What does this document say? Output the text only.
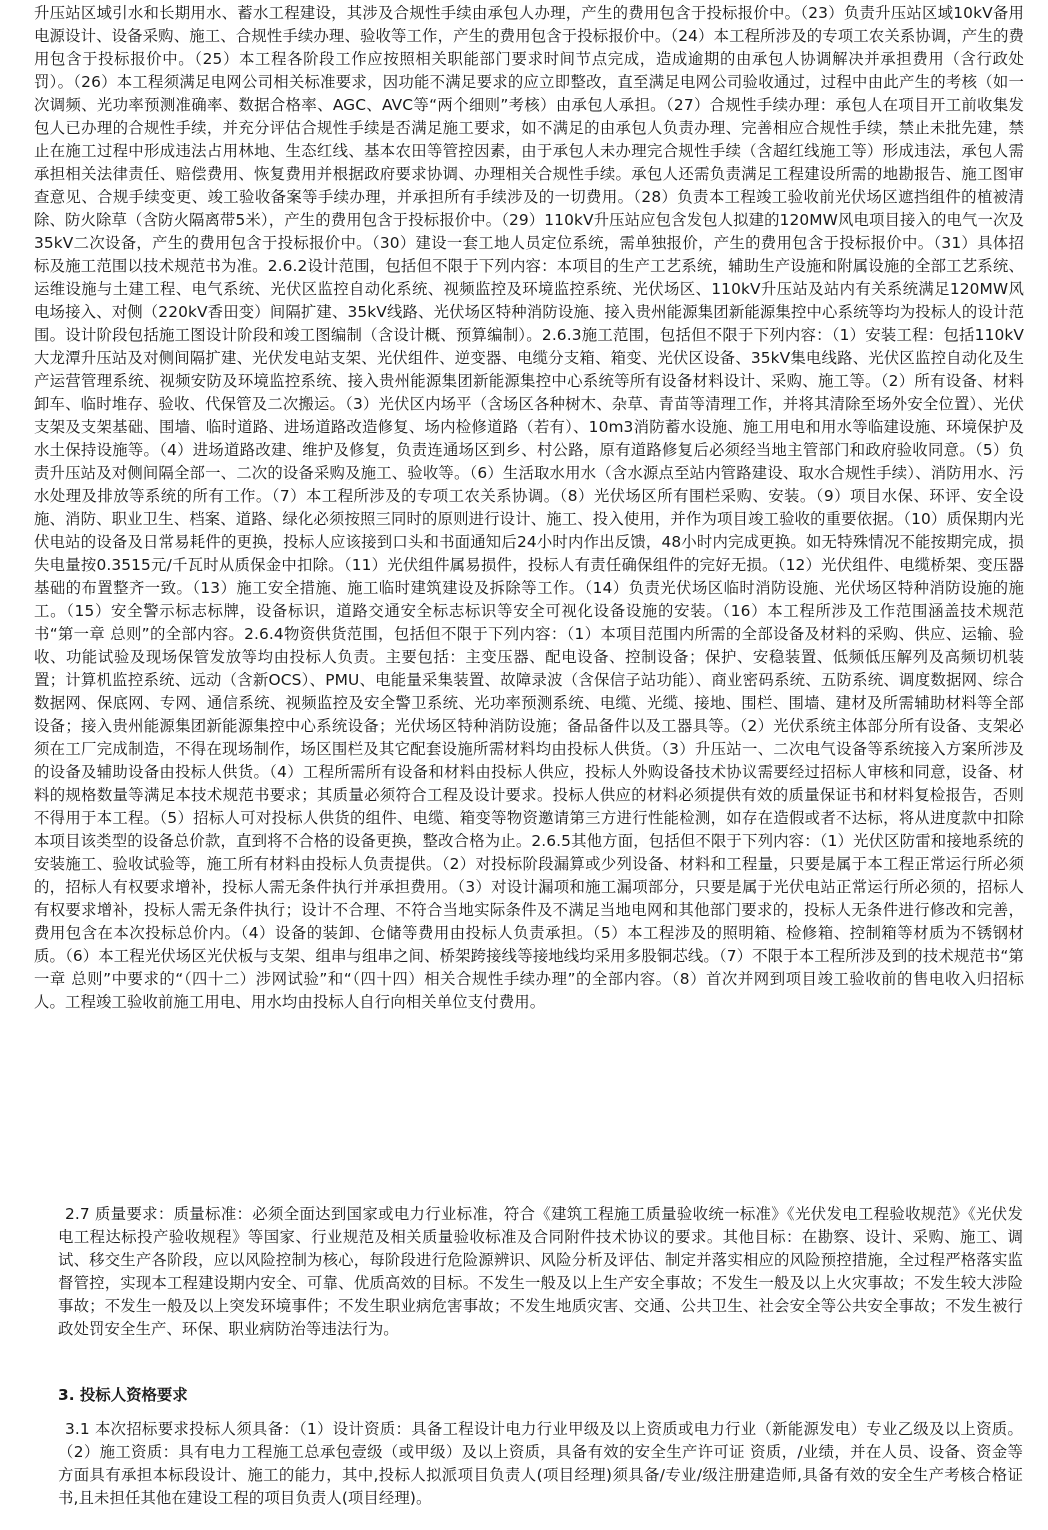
升压站区域引水和长期用水、蓄水工程建设，其涉及合规性手续由承包人办理，产生的费用包含于投标报价中。（23）负责升压站区域10kV备用电源设计、设备采购、施工、合规性手续办理、验收等工作，产生的费用包含于投标报价中。（24）本工程所涉及的专项工农关系协调，产生的费用包含于投标报价中。（25）本工程各阶段工作应按照相关职能部门要求时间节点完成，造成逾期的由承包人协调解决并承担费用（含行政处罚）。（26）本工程须满足电网公司相关标准要求，因功能不满足要求的应立即整改，直至满足电网公司验收通过，过程中由此产生的考核（如一次调频、光功率预测准确率、数据合格率、AGC、AVC等“两个细则”考核）由承包人承担。（27）合规性手续办理：承包人在项目开工前收集发包人已办理的合规性手续，并充分评估合规性手续是否满足施工要求，如不满足的由承包人负责办理、完善相应合规性手续，禁止未批先建，禁止在施工过程中形成违法占用林地、生态红线、基本农田等管控因素，由于承包人未办理完合规性手续（含超红线施工等）形成违法，承包人需承担相关法律责任、赔偿费用、恢复费用并根据政府要求协调、办理相关合规性手续。承包人还需负责满足工程建设所需的地勘报告、施工图审查意见、合规手续变更、竣工验收备案等手续办理，并承担所有手续涉及的一切费用。（28）负责本工程竣工验收前光伏场区遮挡组件的植被清除、防火除草（含防火隔离带5米），产生的费用包含于投标报价中。（29）110kV升压站应包含发包人拟建的120MW风电项目接入的电气一次及35kV二次设备，产生的费用包含于投标报价中。（30）建设一套工地人员定位系统，需单独报价，产生的费用包含于投标报价中。（31）具体招标及施工范围以技术规范书为准。2.6.2设计范围，包括但不限于下列内容：本项目的生产工艺系统，辅助生产设施和附属设施的全部工艺系统、运维设施与土建工程、电气系统、光伏区监控自动化系统、视频监控及环境监控系统、光伏场区、110kV升压站及站内有关系统满足120MW风电场接入、对侧（220kV香田变）间隔扩建、35kV线路、光伏场区特种消防设施、接入贵州能源集团新能源集控中心系统等均为投标人的设计范围。设计阶段包括施工图设计阶段和竣工图编制（含设计概、预算编制）。2.6.3施工范围，包括但不限于下列内容：（1）安装工程：包括110kV大龙潭升压站及对侧间隔扩建、光伏发电站支架、光伏组件、逆变器、电缆分支箱、箱变、光伏区设备、35kV集电线路、光伏区监控自动化及生产运营管理系统、视频安防及环境监控系统、接入贵州能源集团新能源集控中心系统等所有设备材料设计、采购、施工等。（2）所有设备、材料卸车、临时堆存、验收、代保管及二次搬运。（3）光伏区内场平（含场区各种树木、杂草、青苗等清理工作，并将其清除至场外安全位置）、光伏支架及支架基础、围墙、临时道路、进场道路改造修复、场内检修道路（若有）、10m3消防蓄水设施、施工用电和用水等临建设施、环境保护及水土保持设施等。（4）进场道路改建、维护及修复，负责连通场区到乡、村公路，原有道路修复后必须经当地主管部门和政府验收同意。（5）负责升压站及对侧间隔全部一、二次的设备采购及施工、验收等。（6）生活取水用水（含水源点至站内管路建设、取水合规性手续）、消防用水、污水处理及排放等系统的所有工作。（7）本工程所涉及的专项工农关系协调。（8）光伏场区所有围栏采购、安装。（9）项目水保、环评、安全设施、消防、职业卫生、档案、道路、绿化必须按照三同时的原则进行设计、施工、投入使用，并作为项目竣工验收的重要依据。（10）质保期内光伏电站的设备及日常易耗件的更换，投标人应该接到口头和书面通知后24小时内作出反馈，48小时内完成更换。如无特殊情况不能按期完成，损失电量按0.3515元/千瓦时从质保金中扣除。（11）光伏组件属易损件，投标人有责任确保组件的完好无损。（12）光伏组件、电缆桥架、变压器基础的布置整齐一致。（13）施工安全措施、施工临时建筑建设及拆除等工作。（14）负责光伏场区临时消防设施、光伏场区特种消防设施的施工。（15）安全警示标志标牌，设备标识，道路交通安全标志标识等安全可视化设备设施的安装。（16）本工程所涉及工作范围涵盖技术规范书“第一章 总则”的全部内容。2.6.4物资供货范围，包括但不限于下列内容：（1）本项目范围内所需的全部设备及材料的采购、供应、运输、验收、功能试验及现场保管发放等均由投标人负责。主要包括：主变压器、配电设备、控制设备；保护、安稳装置、低频低压解列及高频切机装置；计算机监控系统、远动（含新OCS）、PMU、电能量采集装置、故障录波（含保信子站功能）、商业密码系统、五防系统、调度数据网、综合数据网、保底网、专网、通信系统、视频监控及安全警卫系统、光功率预测系统、电缆、光缆、接地、围栏、围墙、建材及所需辅助材料等全部设备；接入贵州能源集团新能源集控中心系统设备；光伏场区特种消防设施；备品备件以及工器具等。（2）光伏系统主体部分所有设备、支架必须在工厂完成制造，不得在现场制作，场区围栏及其它配套设施所需材料均由投标人供货。（3）升压站一、二次电气设备等系统接入方案所涉及的设备及辅助设备由投标人供货。（4）工程所需所有设备和材料由投标人供应，投标人外购设备技术协议需要经过招标人审核和同意，设备、材料的规格数量等满足本技术规范书要求；其质量必须符合工程及设计要求。投标人供应的材料必须提供有效的质量保证书和材料复检报告，否则不得用于本工程。（5）招标人可对投标人供货的组件、电缆、箱变等物资邀请第三方进行性能检测，如存在造假或者不达标，将从进度款中扣除本项目该类型的设备总价款，直到将不合格的设备更换，整改合格为止。2.6.5其他方面，包括但不限于下列内容：（1）光伏区防雷和接地系统的安装施工、验收试验等，施工所有材料由投标人负责提供。（2）对投标阶段漏算或少列设备、材料和工程量，只要是属于本工程正常运行所必须的，招标人有权要求增补，投标人需无条件执行并承担费用。（3）对设计漏项和施工漏项部分，只要是属于光伏电站正常运行所必须的，招标人有权要求增补，投标人需无条件执行；设计不合理、不符合当地实际条件及不满足当地电网和其他部门要求的，投标人无条件进行修改和完善，费用包含在本次投标总价内。（4）设备的装卸、仓储等费用由投标人负责承担。（5）本工程涉及的照明箱、检修箱、控制箱等材质为不锈钢材质。（6）本工程光伏场区光伏板与支架、组串与组串之间、桥架跨接线等接地线均采用多股铜芯线。（7）不限于本工程所涉及到的技术规范书“第一章 总则”中要求的“（四十二）涉网试验”和“（四十四）相关合规性手续办理”的全部内容。（8）首次并网到项目竣工验收前的售电收入归招标人。工程竣工验收前施工用电、用水均由投标人自行向相关单位支付费用。

2.7 质量要求：质量标准：必须全面达到国家或电力行业标准，符合《建筑工程施工质量验收统一标准》《光伏发电工程验收规范》《光伏发电工程达标投产验收规程》等国家、行业规范及相关质量验收标准及合同附件技术协议的要求。其他目标：在勘察、设计、采购、施工、调试、移交生产各阶段，应以风险控制为核心，每阶段进行危险源辨识、风险分析及评估、制定并落实相应的风险预控措施，全过程严格落实监督管控，实现本工程建设期内安全、可靠、优质高效的目标。不发生一般及以上生产安全事故；不发生一般及以上火灾事故；不发生较大涉险事故；不发生一般及以上突发环境事件；不发生职业病危害事故；不发生地质灾害、交通、公共卫生、社会安全等公共安全事故；不发生被行政处罚安全生产、环保、职业病防治等违法行为。

3. 投标人资格要求

3.1 本次招标要求投标人须具备：（1）设计资质：具备工程设计电力行业甲级及以上资质或电力行业（新能源发电）专业乙级及以上资质。（2）施工资质：具有电力工程施工总承包壹级（或甲级）及以上资质，具备有效的安全生产许可证 资质，/业绩，并在人员、设备、资金等方面具有承担本标段设计、施工的能力，其中,投标人拟派项目负责人(项目经理)须具备/专业/级注册建造师,具备有效的安全生产考核合格证书,且未担任其他在建设工程的项目负责人(项目经理)。
